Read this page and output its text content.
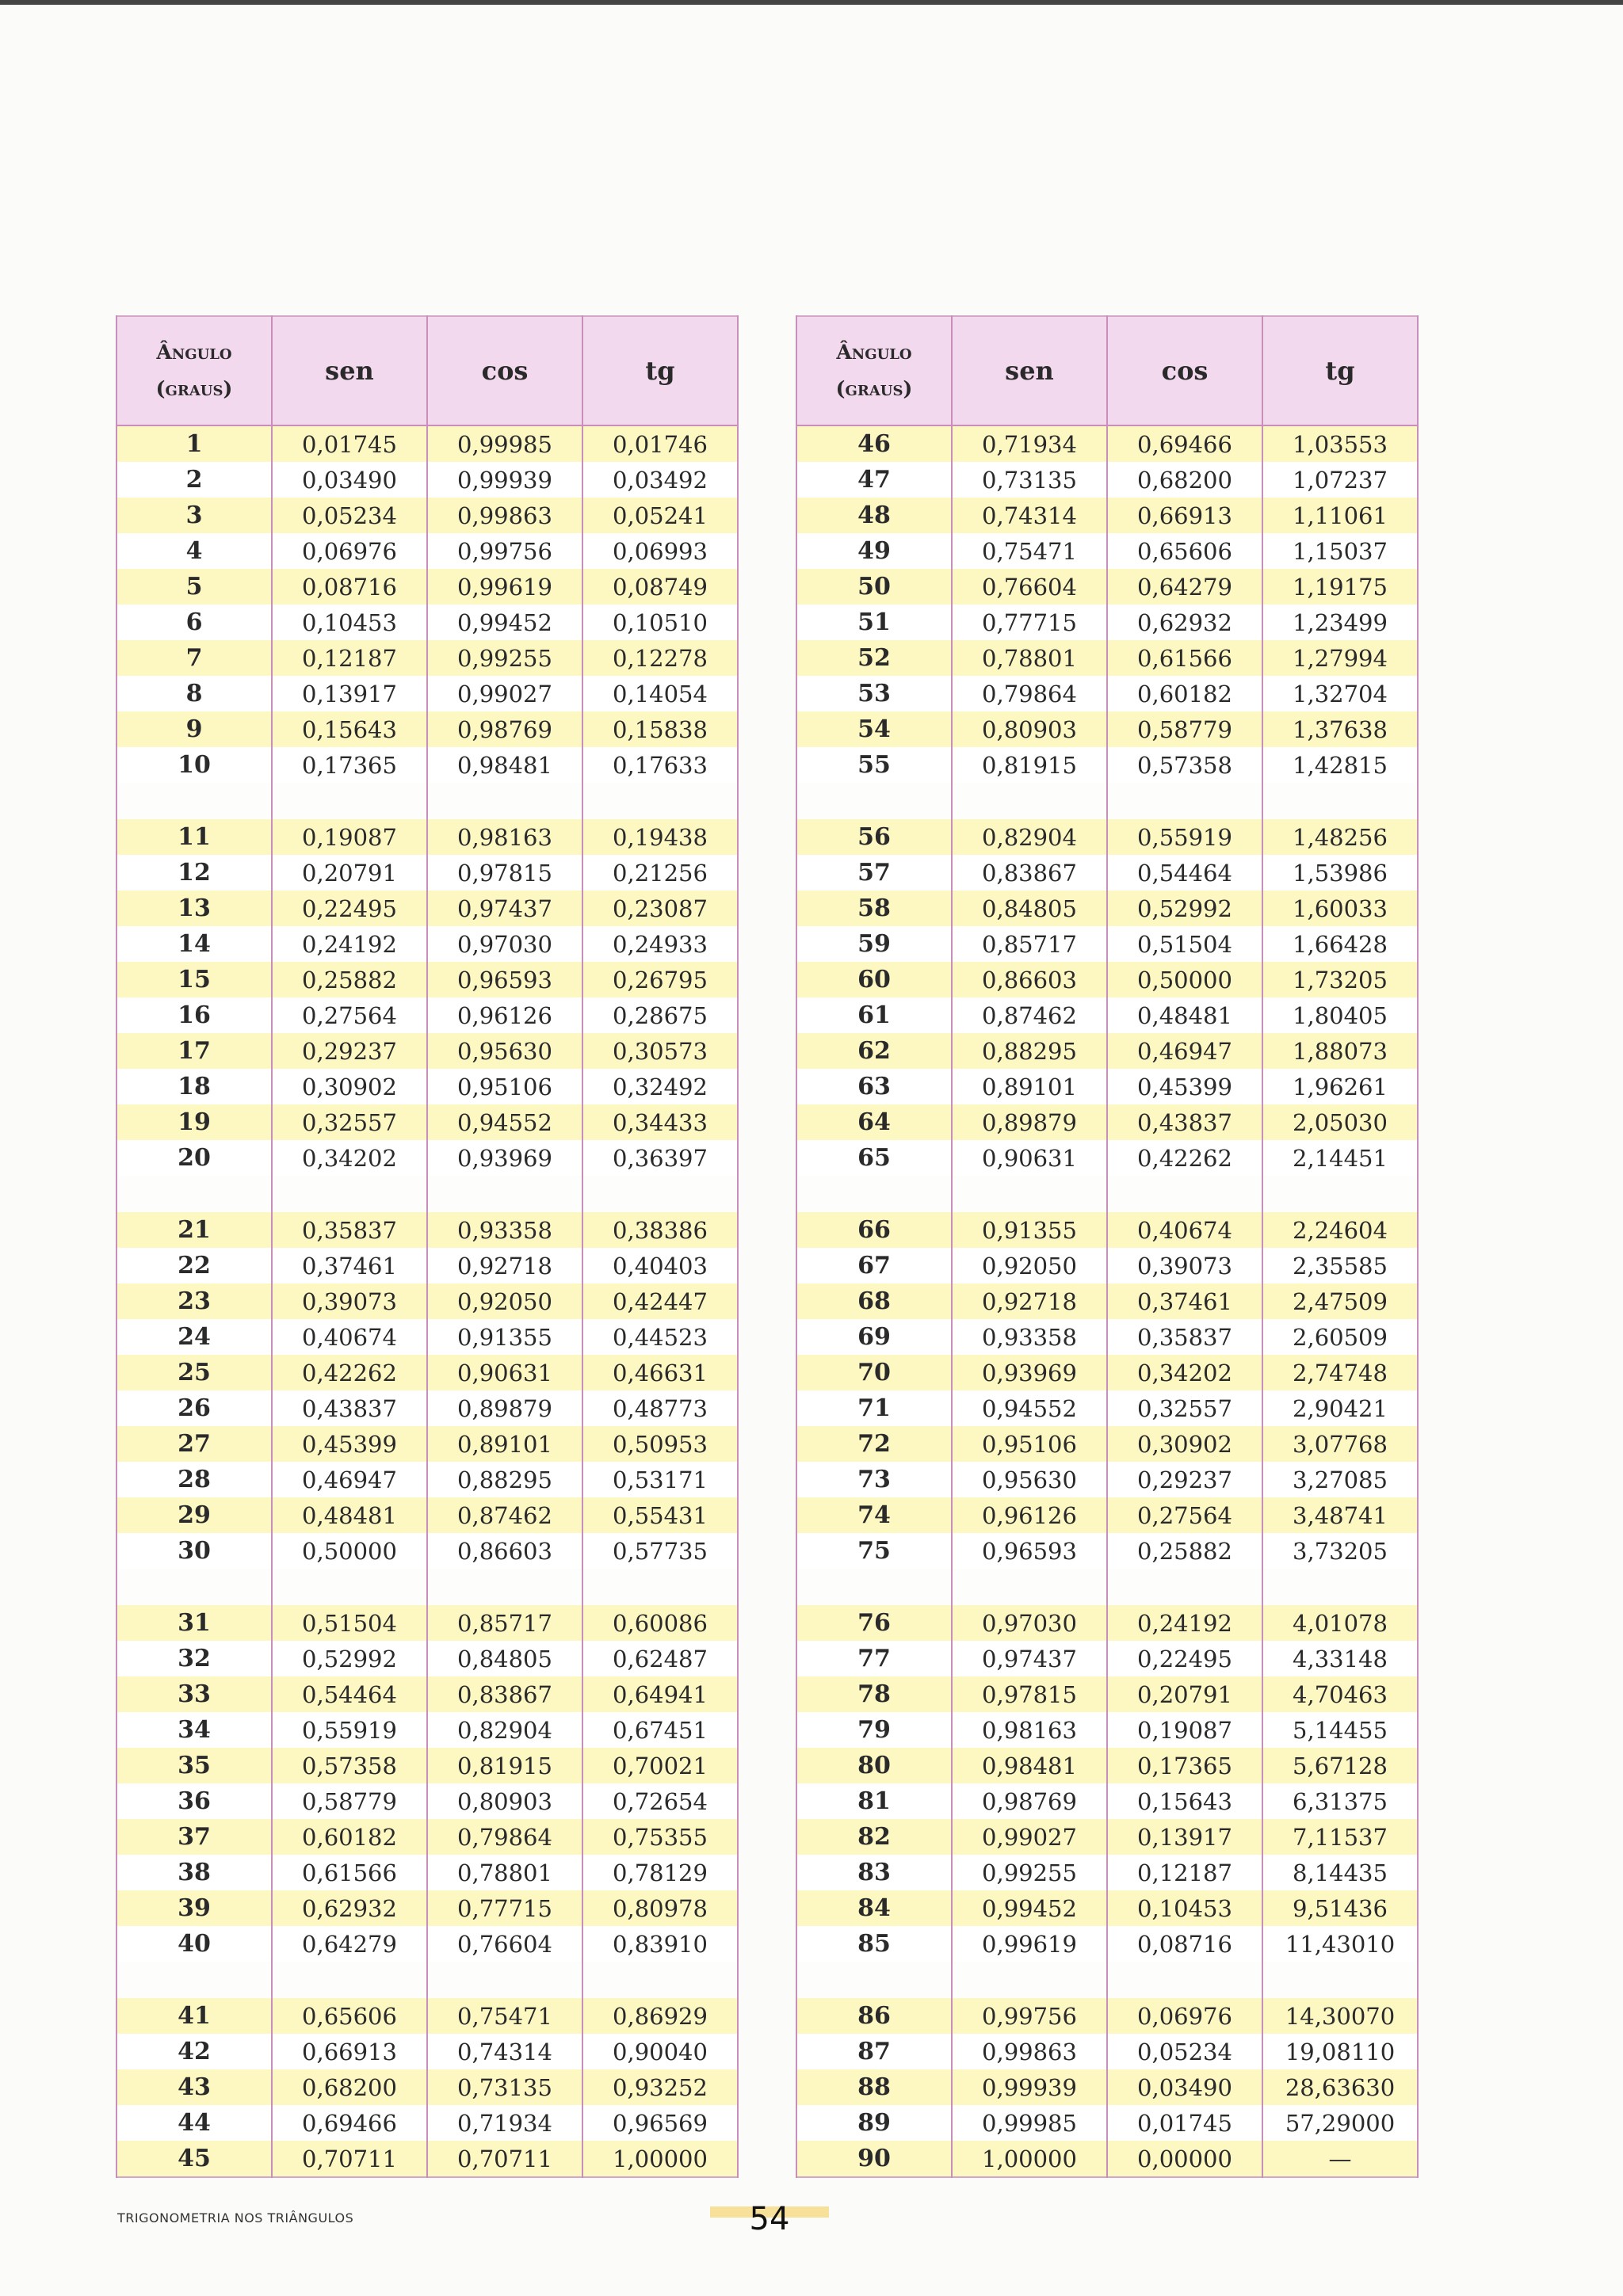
Ângulo
(graus)	sen	cos	tg
1	0,01745	0,99985	0,01746
2	0,03490	0,99939	0,03492
3	0,05234	0,99863	0,05241
4	0,06976	0,99756	0,06993
5	0,08716	0,99619	0,08749
6	0,10453	0,99452	0,10510
7	0,12187	0,99255	0,12278
8	0,13917	0,99027	0,14054
9	0,15643	0,98769	0,15838
10	0,17365	0,98481	0,17633

11	0,19087	0,98163	0,19438
12	0,20791	0,97815	0,21256
13	0,22495	0,97437	0,23087
14	0,24192	0,97030	0,24933
15	0,25882	0,96593	0,26795
16	0,27564	0,96126	0,28675
17	0,29237	0,95630	0,30573
18	0,30902	0,95106	0,32492
19	0,32557	0,94552	0,34433
20	0,34202	0,93969	0,36397

21	0,35837	0,93358	0,38386
22	0,37461	0,92718	0,40403
23	0,39073	0,92050	0,42447
24	0,40674	0,91355	0,44523
25	0,42262	0,90631	0,46631
26	0,43837	0,89879	0,48773
27	0,45399	0,89101	0,50953
28	0,46947	0,88295	0,53171
29	0,48481	0,87462	0,55431
30	0,50000	0,86603	0,57735

31	0,51504	0,85717	0,60086
32	0,52992	0,84805	0,62487
33	0,54464	0,83867	0,64941
34	0,55919	0,82904	0,67451
35	0,57358	0,81915	0,70021
36	0,58779	0,80903	0,72654
37	0,60182	0,79864	0,75355
38	0,61566	0,78801	0,78129
39	0,62932	0,77715	0,80978
40	0,64279	0,76604	0,83910

41	0,65606	0,75471	0,86929
42	0,66913	0,74314	0,90040
43	0,68200	0,73135	0,93252
44	0,69466	0,71934	0,96569
45	0,70711	0,70711	1,00000
Ângulo
(graus)	sen	cos	tg
46	0,71934	0,69466	1,03553
47	0,73135	0,68200	1,07237
48	0,74314	0,66913	1,11061
49	0,75471	0,65606	1,15037
50	0,76604	0,64279	1,19175
51	0,77715	0,62932	1,23499
52	0,78801	0,61566	1,27994
53	0,79864	0,60182	1,32704
54	0,80903	0,58779	1,37638
55	0,81915	0,57358	1,42815

56	0,82904	0,55919	1,48256
57	0,83867	0,54464	1,53986
58	0,84805	0,52992	1,60033
59	0,85717	0,51504	1,66428
60	0,86603	0,50000	1,73205
61	0,87462	0,48481	1,80405
62	0,88295	0,46947	1,88073
63	0,89101	0,45399	1,96261
64	0,89879	0,43837	2,05030
65	0,90631	0,42262	2,14451

66	0,91355	0,40674	2,24604
67	0,92050	0,39073	2,35585
68	0,92718	0,37461	2,47509
69	0,93358	0,35837	2,60509
70	0,93969	0,34202	2,74748
71	0,94552	0,32557	2,90421
72	0,95106	0,30902	3,07768
73	0,95630	0,29237	3,27085
74	0,96126	0,27564	3,48741
75	0,96593	0,25882	3,73205

76	0,97030	0,24192	4,01078
77	0,97437	0,22495	4,33148
78	0,97815	0,20791	4,70463
79	0,98163	0,19087	5,14455
80	0,98481	0,17365	5,67128
81	0,98769	0,15643	6,31375
82	0,99027	0,13917	7,11537
83	0,99255	0,12187	8,14435
84	0,99452	0,10453	9,51436
85	0,99619	0,08716	11,43010

86	0,99756	0,06976	14,30070
87	0,99863	0,05234	19,08110
88	0,99939	0,03490	28,63630
89	0,99985	0,01745	57,29000
90	1,00000	0,00000	—
TRIGONOMETRIA NOS TRIÂNGULOS	54
